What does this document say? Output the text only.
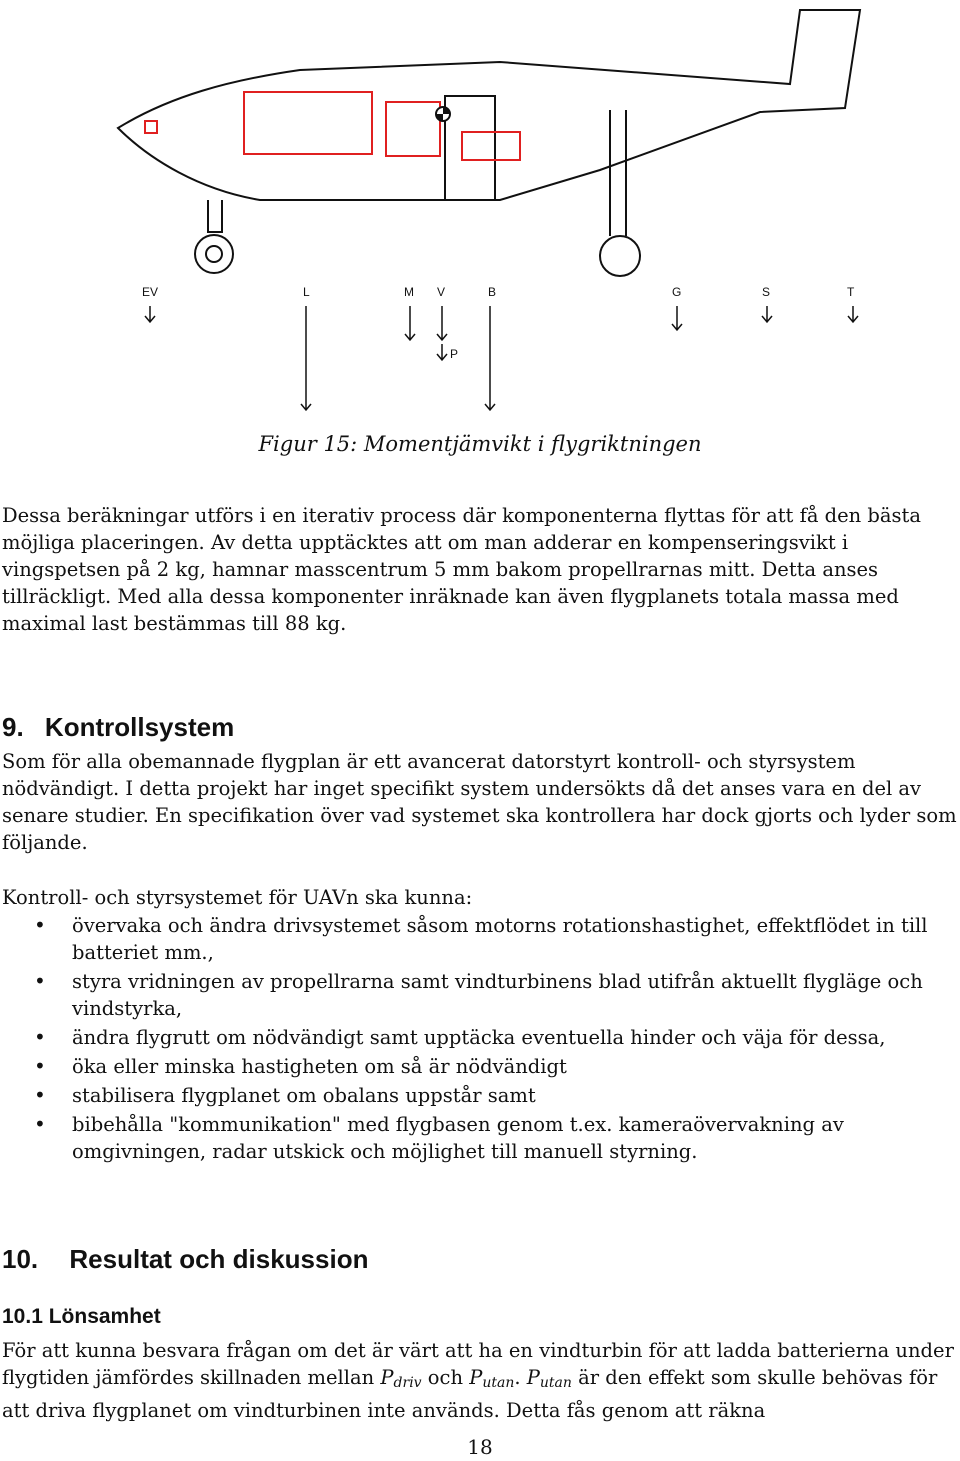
EV	L	M V	B	G	S	T
P
Figur 15: Momentjämvikt i flygriktningen

Dessa beräkningar utförs i en iterativ process där komponenterna flyttas för att få den bästa möjliga placeringen. Av detta upptäcktes att om man adderar en kompenseringsvikt i vingspetsen på 2 kg, hamnar masscentrum 5 mm bakom propellrarnas mitt. Detta anses tillräckligt. Med alla dessa komponenter inräknade kan även flygplanets totala massa med maximal last bestämmas till 88 kg.

9. Kontrollsystem

Som för alla obemannade flygplan är ett avancerat datorstyrt kontroll- och styrsystem nödvändigt. I detta projekt har inget specifikt system undersökts då det anses vara en del av senare studier. En specifikation över vad systemet ska kontrollera har dock gjorts och lyder som följande.

Kontroll- och styrsystemet för UAVn ska kunna:

• övervaka och ändra drivsystemet såsom motorns rotationshastighet, effektflödet in till batteriet mm.,
• styra vridningen av propellrarna samt vindturbinens blad utifrån aktuellt flygläge och vindstyrka,
• ändra flygrutt om nödvändigt samt upptäcka eventuella hinder och väja för dessa,
• öka eller minska hastigheten om så är nödvändigt
• stabilisera flygplanet om obalans uppstår samt
• bibehålla "kommunikation" med flygbasen genom t.ex. kameraövervakning av omgivningen, radar utskick och möjlighet till manuell styrning.
10. Resultat och diskussion
10.1 Lönsamhet

För att kunna besvara frågan om det är värt att ha en vindturbin för att ladda batterierna under flygtiden jämfördes skillnaden mellan $P_{driv}$ och $P_{utan}$. $P_{utan}$ är den effekt som skulle behövas för att driva flygplanet om vindturbinen inte används. Detta fås genom att räkna

18
